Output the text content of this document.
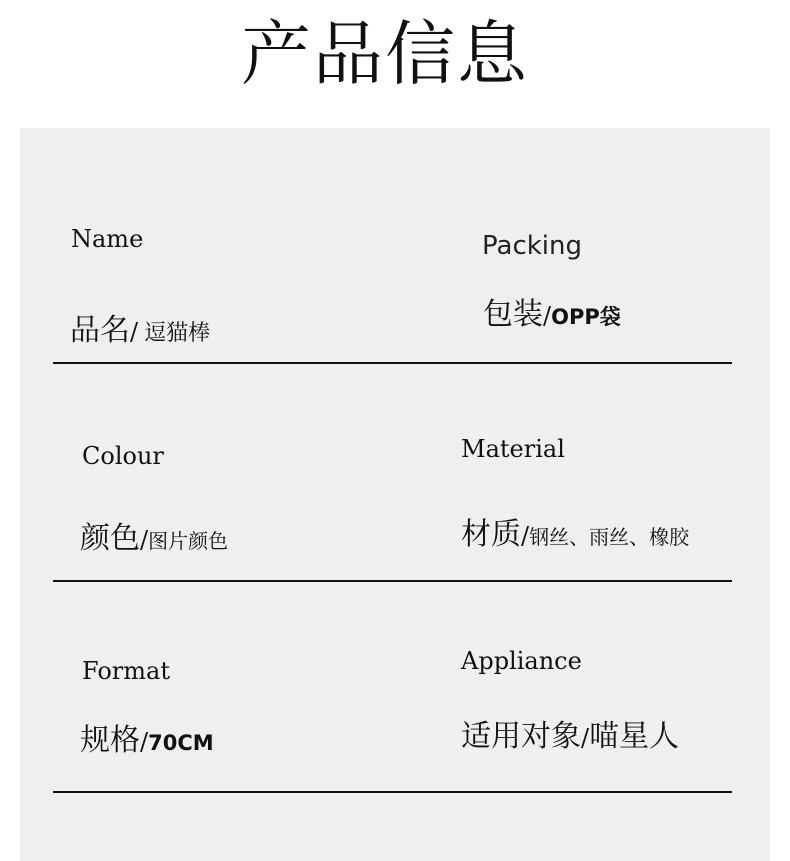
产品信息
Name
品名/ 逗猫棒
Packing
包装/OPP袋
Colour
颜色/图片颜色
Material
材质/钢丝、雨丝、橡胶
Format
规格/70CM
Appliance
适用对象/喵星人
